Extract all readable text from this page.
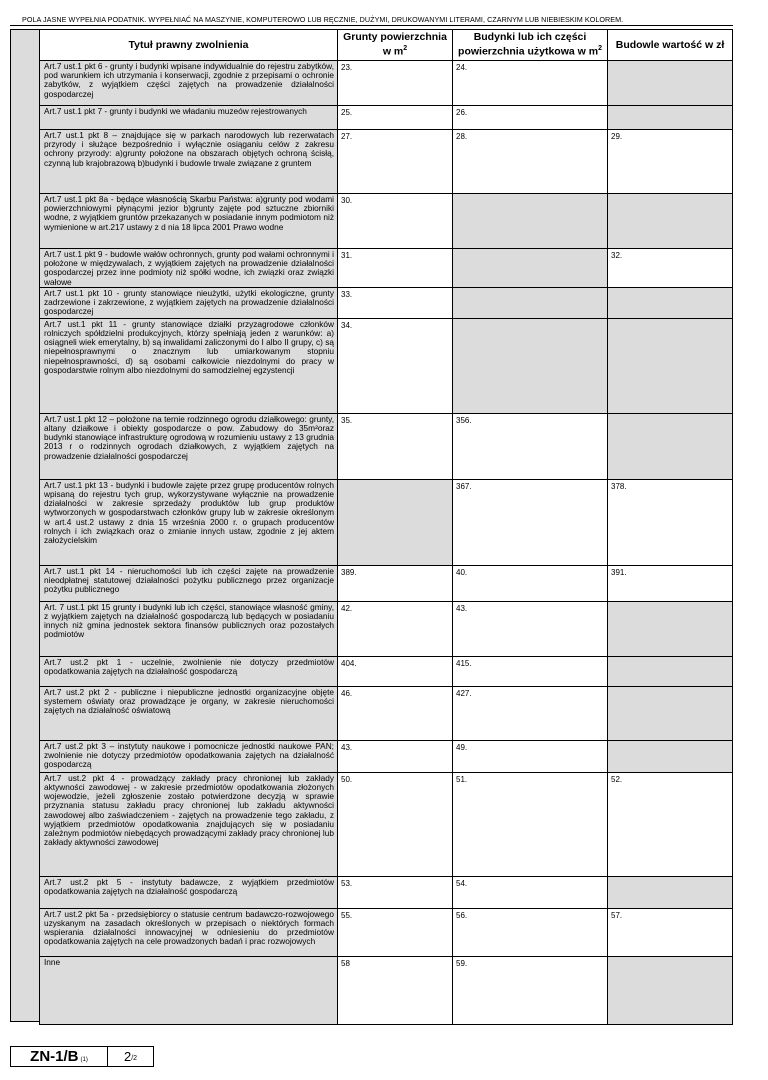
POLA JASNE WYPEŁNIA PODATNIK. WYPEŁNIAĆ NA MASZYNIE, KOMPUTEROWO LUB RĘCZNIE, DUŻYMI, DRUKOWANYMI LITERAMI, CZARNYM LUB NIEBIESKIM KOLOREM.
Tytuł prawny zwolnienia	Grunty powierzchnia w $m^2$	Budynki lub ich części powierzchnia użytkowa w $m^2$	Budowle wartość w zł
Art.7 ust.1 pkt 6 - grunty i budynki wpisane indywidualnie do rejestru zabytków, pod warunkiem ich utrzymania i konserwacji, zgodnie z przepisami o ochronie zabytków, z wyjątkiem części zajętych na prowadzenie działalności gospodarczej	23.	24.	
Art.7 ust.1 pkt 7 - grunty i budynki we władaniu muzeów rejestrowanych	25.	26.	
Art.7 ust.1 pkt 8 – znajdujące się w parkach narodowych lub rezerwatach przyrody i służące bezpośrednio i wyłącznie osiąganiu celów z zakresu ochrony przyrody: a)grunty położone na obszarach objętych ochroną ścisłą, czynną lub krajobrazową b)budynki i budowle trwale związane z gruntem	27.	28.	29.
Art.7 ust.1 pkt 8a - będące własnością Skarbu Państwa: a)grunty pod wodami powierzchniowymi płynącymi jezior b)grunty zajęte pod sztuczne zbiorniki wodne, z wyjątkiem gruntów przekazanych w posiadanie innym podmiotom niż wymienione w art.217 ustawy z d nia 18 lipca 2001 Prawo wodne	30.		
Art.7 ust.1 pkt 9 - budowle wałów ochronnych, grunty pod wałami ochronnymi i położone w międzywalach, z wyjątkiem zajętych na prowadzenie działalności gospodarczej przez inne podmioty niż spółki wodne, ich związki oraz związki wałowe	31.		32.
Art.7 ust.1 pkt 10 - grunty stanowiące nieużytki, użytki ekologiczne, grunty zadrzewione i zakrzewione, z wyjątkiem zajętych na prowadzenie działalności gospodarczej	33.		
Art.7 ust.1 pkt 11 - grunty stanowiące działki przyzagrodowe członków rolniczych spółdzielni produkcyjnych, którzy spełniają jeden z warunków: a) osiągneli wiek emerytalny, b) są inwalidami zaliczonymi do I albo II grupy, c) są niepełnosprawnymi o znacznym lub umiarkowanym stopniu niepełnosprawności, d) są osobami całkowicie niezdolnymi do pracy w gospodarstwie rolnym albo niezdolnymi do samodzielnej egzystencji	34.		
Art.7 ust.1 pkt 12 – położone na ternie rodzinnego ogrodu działkowego: grunty, altany działkowe i obiekty gospodarcze o pow. Zabudowy do 35m²oraz budynki stanowiące infrastrukturę ogrodową w rozumieniu ustawy z 13 grudnia 2013 r o rodzinnych ogrodach działkowych, z wyjątkiem zajętych na prowadzenie działalności gospodarczej	35.	356.	
Art.7 ust.1 pkt 13 - budynki i budowle zajęte przez grupę producentów rolnych wpisaną do rejestru tych grup, wykorzystywane wyłącznie na prowadzenie działalności w zakresie sprzedaży produktów lub grup produktów wytworzonych w gospodarstwach członków grupy lub w zakresie określonym w art.4 ust.2 ustawy z dnia 15 września 2000 r. o grupach producentów rolnych i ich związkach oraz o zmianie innych ustaw, zgodnie z jej aktem założycielskim		367.	378.
Art.7 ust.1 pkt 14 - nieruchomości lub ich części zajęte na prowadzenie nieodpłatnej statutowej działalności pożytku publicznego przez organizacje pożytku publicznego	389.	40.	391.
Art. 7 ust.1 pkt 15 grunty i budynki lub ich części, stanowiące własność gminy, z wyjątkiem zajętych na działalność gospodarczą lub będących w posiadaniu innych niż gmina jednostek sektora finansów publicznych oraz pozostałych podmiotów	42.	43.	
Art.7 ust.2 pkt 1 - uczelnie, zwolnienie nie dotyczy przedmiotów opodatkowania zajętych na działalność gospodarczą	404.	415.	
Art.7 ust.2 pkt 2 - publiczne i niepubliczne jednostki organizacyjne objęte systemem oświaty oraz prowadzące je organy, w zakresie nieruchomości zajętych na działalność oświatową	46.	427.	
Art.7 ust.2 pkt 3 – instytuty naukowe i pomocnicze jednostki naukowe PAN; zwolnienie nie dotyczy przedmiotów opodatkowania zajętych na działalność gospodarczą	43.	49.	
Art.7 ust.2 pkt 4 - prowadzący zakłady pracy chronionej lub zakłady aktywności zawodowej - w zakresie przedmiotów opodatkowania złożonych wojewodzie, jeżeli zgłoszenie zostało potwierdzone decyzją w sprawie przyznania statusu zakładu pracy chronionej lub zakładu aktywności zawodowej albo zaświadczeniem - zajętych na prowadzenie tego zakładu, z wyjątkiem przedmiotów opodatkowania znajdujących się w posiadaniu zależnym podmiotów niebędących prowadzącymi zakłady pracy chronionej lub zakłady aktywności zawodowej	50.	51.	52.
Art.7 ust.2 pkt 5 - instytuty badawcze, z wyjątkiem przedmiotów opodatkowania zajętych na działalność gospodarczą	53.	54.	
Art.7 ust.2 pkt 5a - przedsiębiorcy o statusie centrum badawczo-rozwojowego uzyskanym na zasadach określonych w przepisach o niektórych formach wspierania działalności innowacyjnej w odniesieniu do przedmiotów opodatkowania zajętych na cele prowadzonych badań i prac rozwojowych	55.	56.	57.
Inne	58	59.	
ZN-1/B (1)	2 /2
